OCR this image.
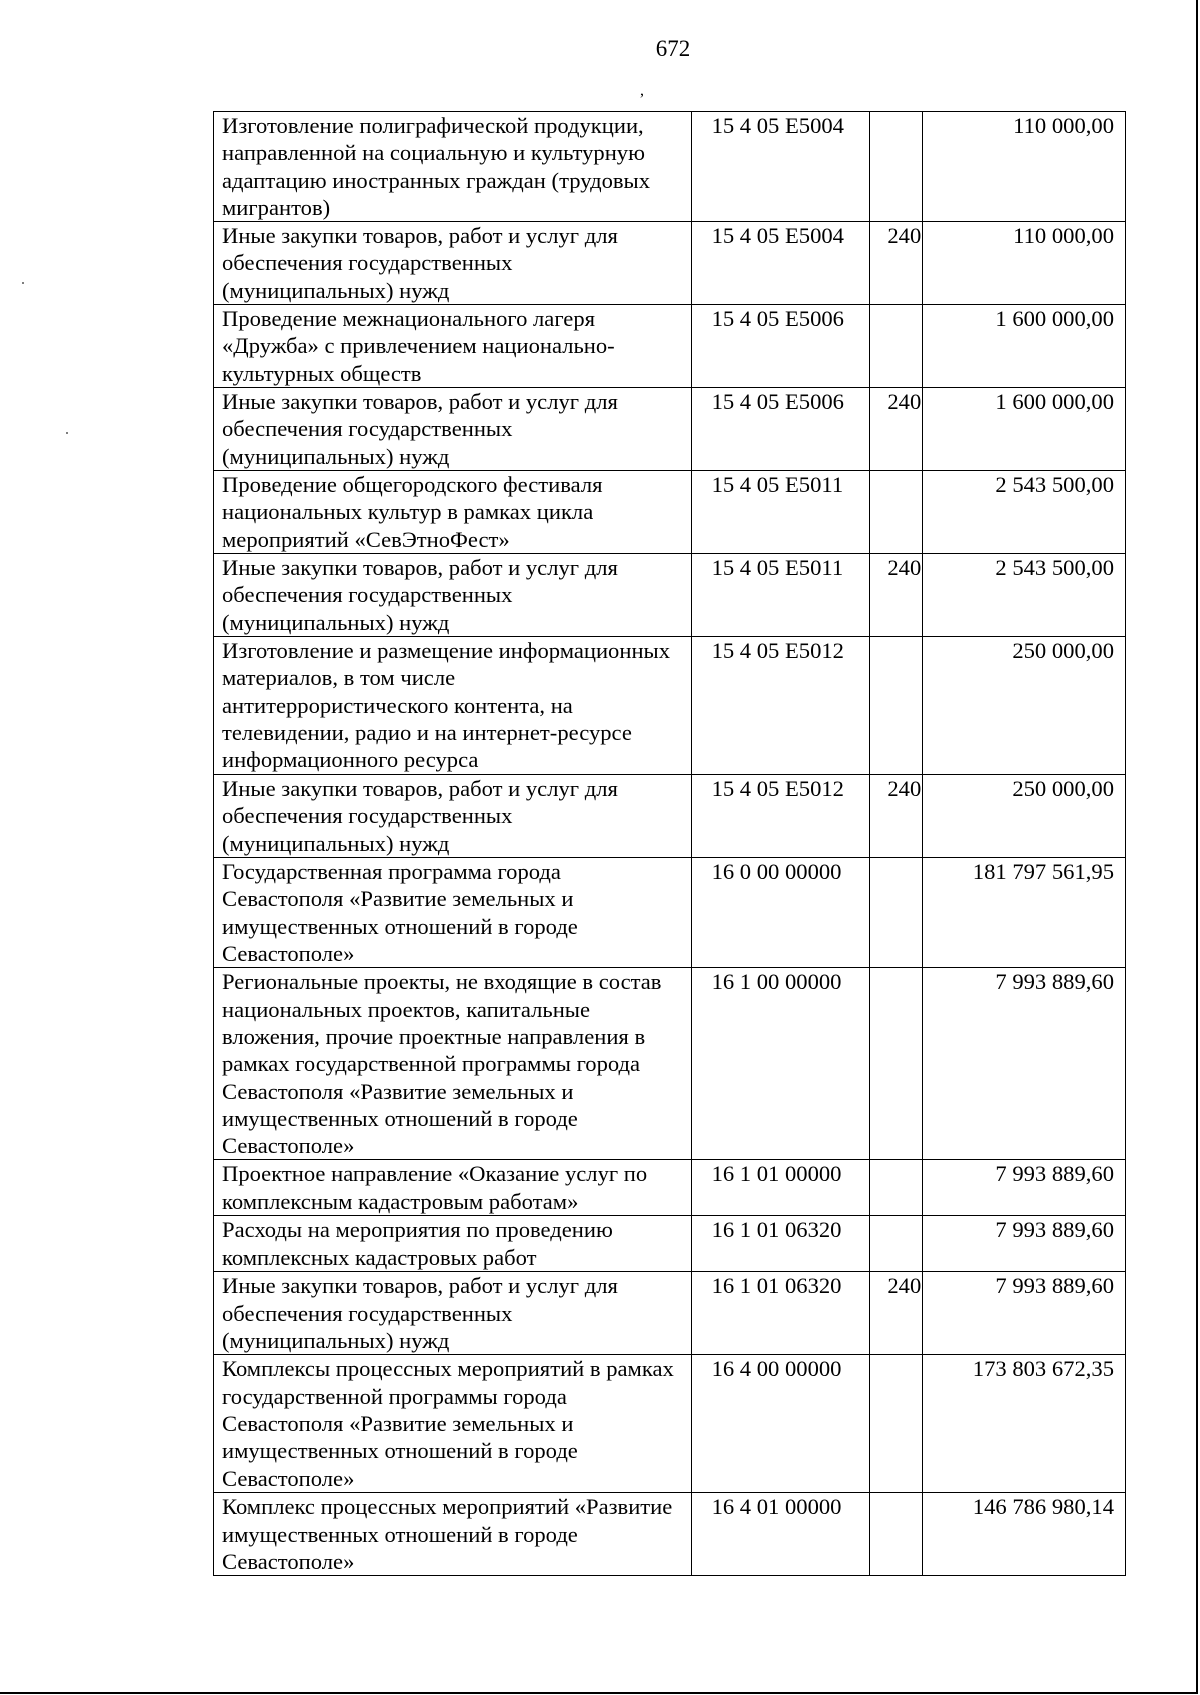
672
,
Изготовление полиграфической продукции, направленной на социальную и культурную адаптацию иностранных граждан (трудовых мигрантов)	15 4 05 E5004		110 000,00
Иные закупки товаров, работ и услуг для обеспечения государственных (муниципальных) нужд	15 4 05 E5004	240	110 000,00
Проведение межнационального лагеря «Дружба» с привлечением национально-культурных обществ	15 4 05 E5006		1 600 000,00
Иные закупки товаров, работ и услуг для обеспечения государственных (муниципальных) нужд	15 4 05 E5006	240	1 600 000,00
Проведение общегородского фестиваля национальных культур в рамках цикла мероприятий «СевЭтноФест»	15 4 05 E5011		2 543 500,00
Иные закупки товаров, работ и услуг для обеспечения государственных (муниципальных) нужд	15 4 05 E5011	240	2 543 500,00
Изготовление и размещение информационных материалов, в том числе антитеррористического контента, на телевидении, радио и на интернет-ресурсе информационного ресурса	15 4 05 E5012		250 000,00
Иные закупки товаров, работ и услуг для обеспечения государственных (муниципальных) нужд	15 4 05 E5012	240	250 000,00
Государственная программа города Севастополя «Развитие земельных и имущественных отношений в городе Севастополе»	16 0 00 00000		181 797 561,95
Региональные проекты, не входящие в состав национальных проектов, капитальные вложения, прочие проектные направления в рамках государственной программы города Севастополя «Развитие земельных и имущественных отношений в городе Севастополе»	16 1 00 00000		7 993 889,60
Проектное направление «Оказание услуг по комплексным кадастровым работам»	16 1 01 00000		7 993 889,60
Расходы на мероприятия по проведению комплексных кадастровых работ	16 1 01 06320		7 993 889,60
Иные закупки товаров, работ и услуг для обеспечения государственных (муниципальных) нужд	16 1 01 06320	240	7 993 889,60
Комплексы процессных мероприятий в рамках государственной программы города Севастополя «Развитие земельных и имущественных отношений в городе Севастополе»	16 4 00 00000		173 803 672,35
Комплекс процессных мероприятий «Развитие имущественных отношений в городе Севастополе»	16 4 01 00000		146 786 980,14
